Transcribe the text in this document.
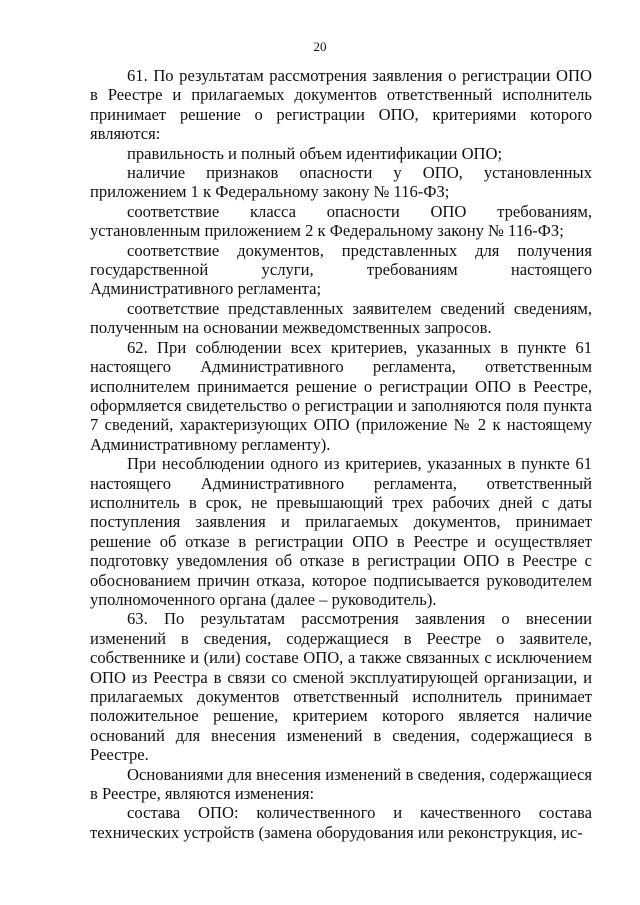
20

61. По результатам рассмотрения заявления о регистрации ОПО в Реестре и прилагаемых документов ответственный исполнитель принимает решение о регистрации ОПО, критериями которого являются:

правильность и полный объем идентификации ОПО;

наличие признаков опасности у ОПО, установленных приложением 1 к Федеральному закону № 116-ФЗ;

соответствие класса опасности ОПО требованиям, установленным приложением 2 к Федеральному закону № 116-ФЗ;

соответствие документов, представленных для получения государственной услуги, требованиям настоящего Административного регламента;

соответствие представленных заявителем сведений сведениям, полученным на основании межведомственных запросов.

62. При соблюдении всех критериев, указанных в пункте 61 настоящего Административного регламента, ответственным исполнителем принимается решение о регистрации ОПО в Реестре, оформляется свидетельство о регистрации и заполняются поля пункта 7 сведений, характеризующих ОПО (приложение № 2 к настоящему Административному регламенту).

При несоблюдении одного из критериев, указанных в пункте 61 настоящего Административного регламента, ответственный исполнитель в срок, не превышающий трех рабочих дней с даты поступления заявления и прилагаемых документов, принимает решение об отказе в регистрации ОПО в Реестре и осуществляет подготовку уведомления об отказе в регистрации ОПО в Реестре с обоснованием причин отказа, которое подписывается руководителем уполномоченного органа (далее – руководитель).

63. По результатам рассмотрения заявления о внесении изменений в сведения, содержащиеся в Реестре о заявителе, собственнике и (или) составе ОПО, а также связанных с исключением ОПО из Реестра в связи со сменой эксплуатирующей организации, и прилагаемых документов ответственный исполнитель принимает положительное решение, критерием которого является наличие оснований для внесения изменений в сведения, содержащиеся в Реестре.

Основаниями для внесения изменений в сведения, содержащиеся в Реестре, являются изменения:

состава ОПО: количественного и качественного состава технических устройств (замена оборудования или реконструкция, ис-
